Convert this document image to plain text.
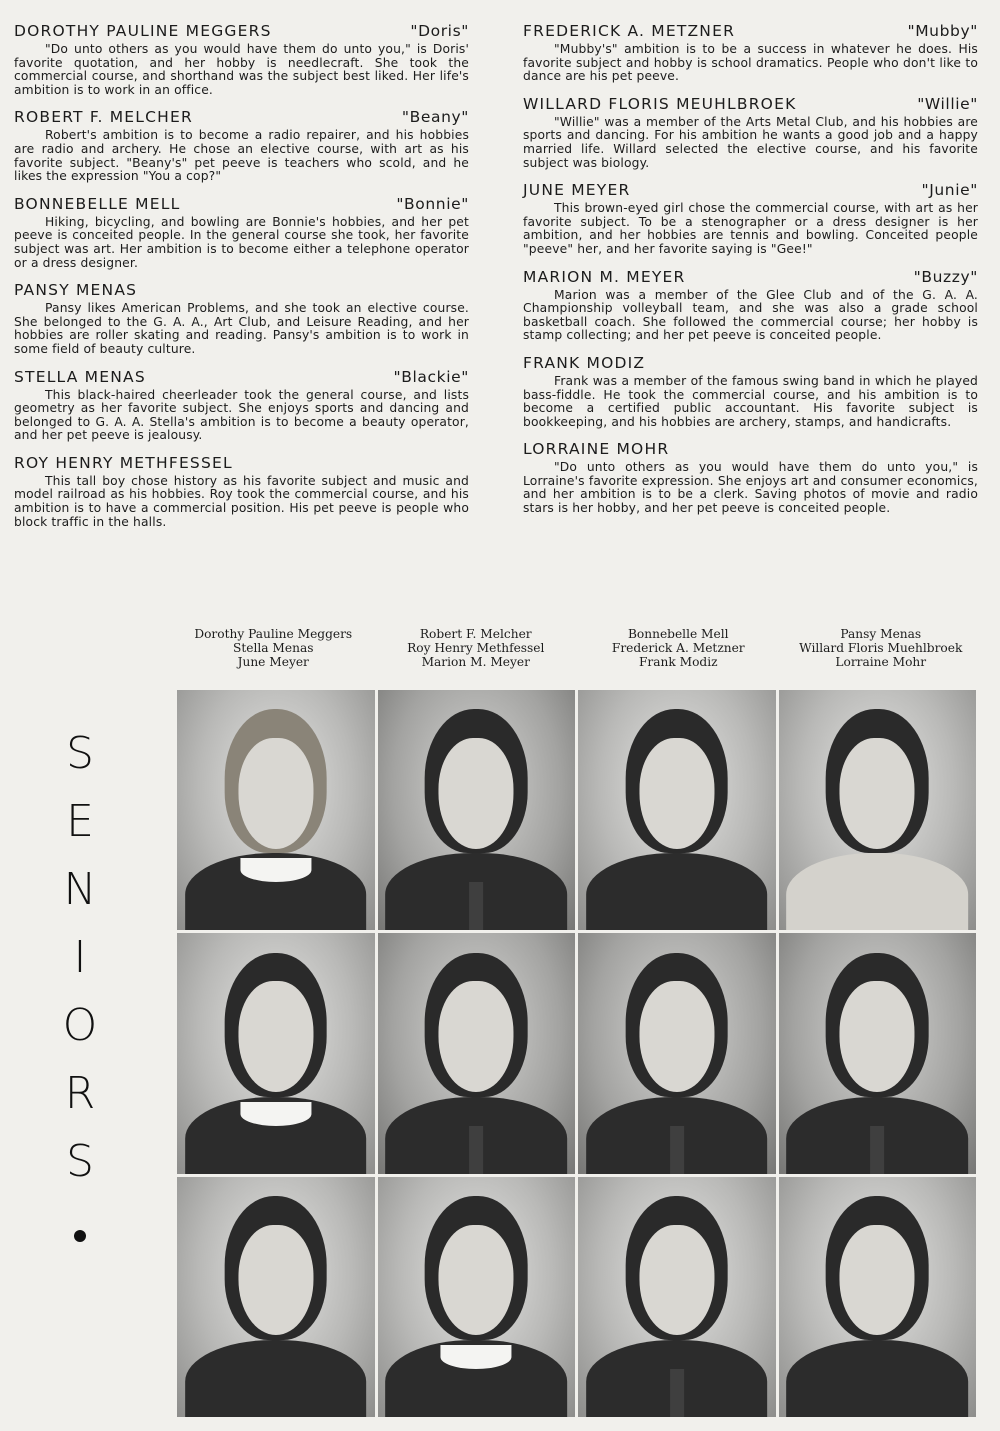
DOROTHY PAULINE MEGGERS	"Doris"

"Do unto others as you would have them do unto you," is Doris' favorite quotation, and her hobby is needlecraft. She took the commercial course, and shorthand was the subject best liked. Her life's ambition is to work in an office.

ROBERT F. MELCHER	"Beany"

Robert's ambition is to become a radio repairer, and his hobbies are radio and archery. He chose an elective course, with art as his favorite subject. "Beany's" pet peeve is teachers who scold, and he likes the expression "You a cop?"

BONNEBELLE MELL	"Bonnie"

Hiking, bicycling, and bowling are Bonnie's hobbies, and her pet peeve is conceited people. In the general course she took, her favorite subject was art. Her ambition is to become either a telephone operator or a dress designer.

PANSY MENAS

Pansy likes American Problems, and she took an elective course. She belonged to the G. A. A., Art Club, and Leisure Reading, and her hobbies are roller skating and reading. Pansy's ambition is to work in some field of beauty culture.

STELLA MENAS	"Blackie"

This black-haired cheerleader took the general course, and lists geometry as her favorite subject. She enjoys sports and dancing and belonged to G. A. A. Stella's ambition is to become a beauty operator, and her pet peeve is jealousy.

ROY HENRY METHFESSEL

This tall boy chose history as his favorite subject and music and model railroad as his hobbies. Roy took the commercial course, and his ambition is to have a commercial position. His pet peeve is people who block traffic in the halls.

FREDERICK A. METZNER	"Mubby"

"Mubby's" ambition is to be a success in whatever he does. His favorite subject and hobby is school dramatics. People who don't like to dance are his pet peeve.

WILLARD FLORIS MEUHLBROEK	"Willie"

"Willie" was a member of the Arts Metal Club, and his hobbies are sports and dancing. For his ambition he wants a good job and a happy married life. Willard selected the elective course, and his favorite subject was biology.

JUNE MEYER	"Junie"

This brown-eyed girl chose the commercial course, with art as her favorite subject. To be a stenographer or a dress designer is her ambition, and her hobbies are tennis and bowling. Conceited people "peeve" her, and her favorite saying is "Gee!"

MARION M. MEYER	"Buzzy"

Marion was a member of the Glee Club and of the G. A. A. Championship volleyball team, and she was also a grade school basketball coach. She followed the commercial course; her hobby is stamp collecting; and her pet peeve is conceited people.

FRANK MODIZ

Frank was a member of the famous swing band in which he played bass-fiddle. He took the commercial course, and his ambition is to become a certified public accountant. His favorite subject is bookkeeping, and his hobbies are archery, stamps, and handicrafts.

LORRAINE MOHR

"Do unto others as you would have them do unto you," is Lorraine's favorite expression. She enjoys art and consumer economics, and her ambition is to be a clerk. Saving photos of movie and radio stars is her hobby, and her pet peeve is conceited people.

Dorothy Pauline Meggers
Stella Menas
June Meyer
Robert F. Melcher
Roy Henry Methfessel
Marion M. Meyer
Bonnebelle Mell
Frederick A. Metzner
Frank Modiz
Pansy Menas
Willard Floris Muehlbroek
Lorraine Mohr
S
E
N
I
O
R
S
